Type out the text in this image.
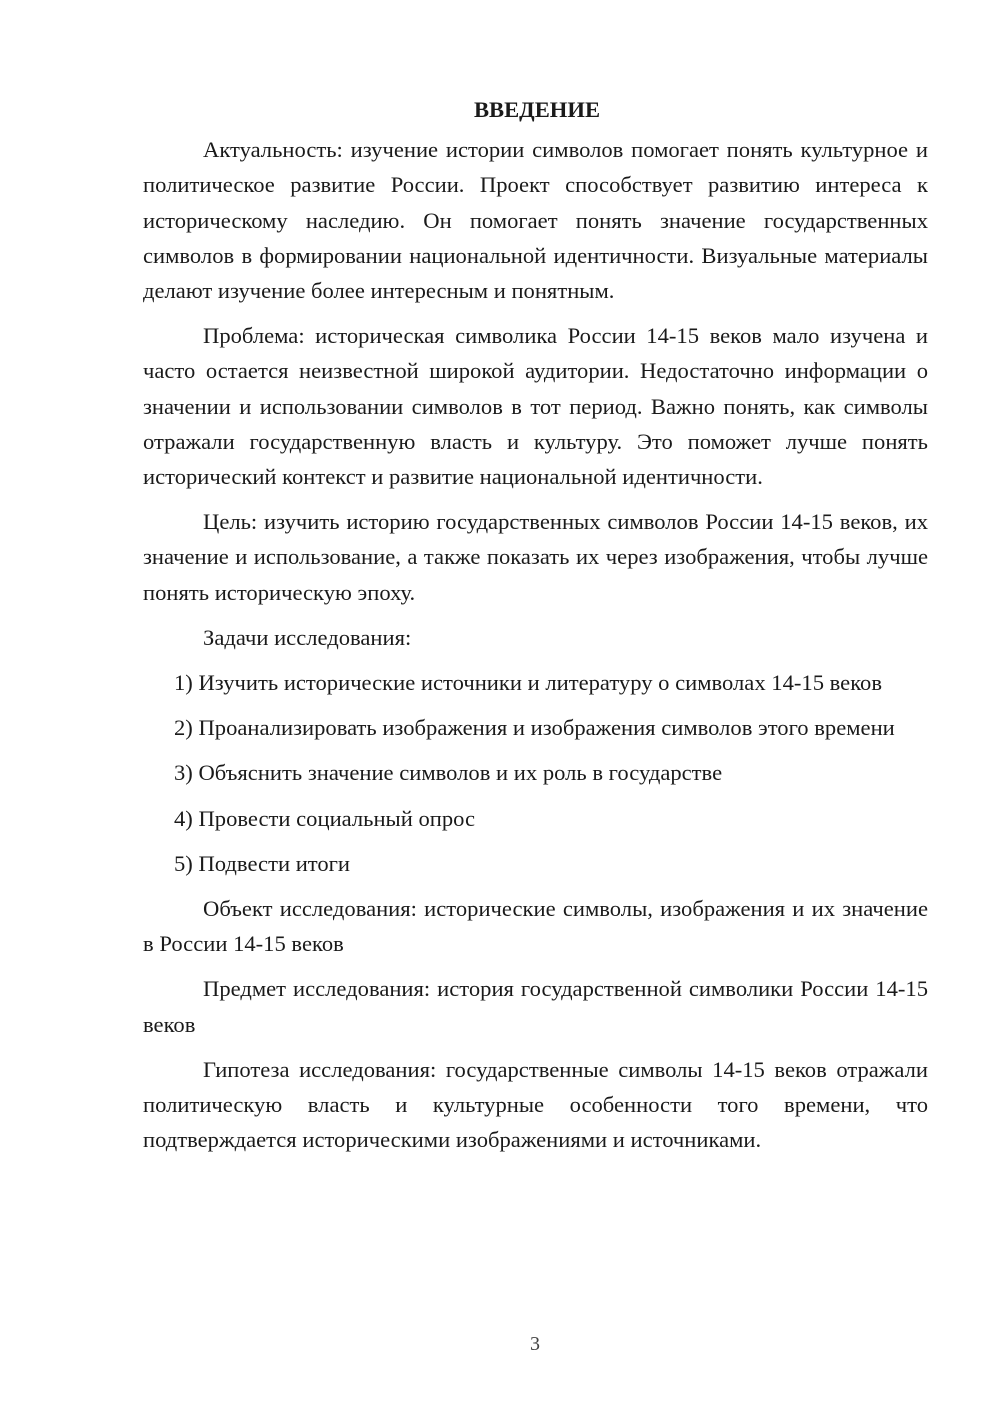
ВВЕДЕНИЕ

Актуальность: изучение истории символов помогает понять культурное и политическое развитие России. Проект способствует развитию интереса к историческому наследию. Он помогает понять значение государственных символов в формировании национальной идентичности. Визуальные материалы делают изучение более интересным и понятным.

Проблема: историческая символика России 14-15 веков мало изучена и часто остается неизвестной широкой аудитории. Недостаточно информации о значении и использовании символов в тот период. Важно понять, как символы отражали государственную власть и культуру. Это поможет лучше понять исторический контекст и развитие национальной идентичности.

Цель: изучить историю государственных символов России 14-15 веков, их значение и использование, а также показать их через изображения, чтобы лучше понять историческую эпоху.

Задачи исследования:

1) Изучить исторические источники и литературу о символах 14-15 веков

2) Проанализировать изображения и изображения символов этого времени

3) Объяснить значение символов и их роль в государстве

4) Провести социальный опрос

5) Подвести итоги

Объект исследования: исторические символы, изображения и их значение в России 14-15 веков

Предмет исследования: история государственной символики России 14-15 веков

Гипотеза исследования: государственные символы 14-15 веков отражали политическую власть и культурные особенности того времени, что подтверждается историческими изображениями и источниками.

3
